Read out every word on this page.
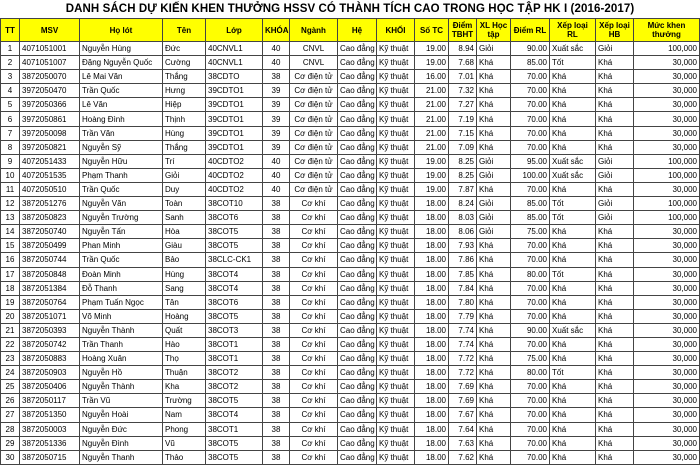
DANH SÁCH DỰ KIẾN KHEN THƯỞNG HSSV CÓ THÀNH TÍCH CAO TRONG HỌC TẬP HK I (2016-2017)
TT	MSV	Họ lót	Tên	Lớp	KHÓA	Ngành	Hệ	KHỐI	Số TC	Điểm TBHT	XL Học tập	Điểm RL	Xếp loại RL	Xếp loại HB	Mức khen thưởng
1	4071051001	Nguyễn Hùng	Đức	40CNVL1	40	CNVL	Cao đẳng	Kỹ thuật	19.00	8.94	Giỏi	90.00	Xuất sắc	Giỏi	100,000
2	4071051007	Đặng Nguyễn Quốc	Cường	40CNVL1	40	CNVL	Cao đẳng	Kỹ thuật	19.00	7.68	Khá	85.00	Tốt	Khá	30,000
3	3872050070	Lê Mai Văn	Thắng	38CDTO	38	Cơ điện tử	Cao đẳng	Kỹ thuật	16.00	7.01	Khá	70.00	Khá	Khá	30,000
4	3972050470	Trần Quốc	Hưng	39CDTO1	39	Cơ điện tử	Cao đẳng	Kỹ thuật	21.00	7.32	Khá	70.00	Khá	Khá	30,000
5	3972050366	Lê Văn	Hiệp	39CDTO1	39	Cơ điện tử	Cao đẳng	Kỹ thuật	21.00	7.27	Khá	70.00	Khá	Khá	30,000
6	3972050861	Hoàng Đình	Thịnh	39CDTO1	39	Cơ điện tử	Cao đẳng	Kỹ thuật	21.00	7.19	Khá	70.00	Khá	Khá	30,000
7	3972050098	Trần Văn	Hùng	39CDTO1	39	Cơ điện tử	Cao đẳng	Kỹ thuật	21.00	7.15	Khá	70.00	Khá	Khá	30,000
8	3972050821	Nguyễn Sỹ	Thắng	39CDTO1	39	Cơ điện tử	Cao đẳng	Kỹ thuật	21.00	7.09	Khá	70.00	Khá	Khá	30,000
9	4072051433	Nguyễn Hữu	Trí	40CDTO2	40	Cơ điện tử	Cao đẳng	Kỹ thuật	19.00	8.25	Giỏi	95.00	Xuất sắc	Giỏi	100,000
10	4072051535	Phạm Thanh	Giỏi	40CDTO2	40	Cơ điện tử	Cao đẳng	Kỹ thuật	19.00	8.25	Giỏi	100.00	Xuất sắc	Giỏi	100,000
11	4072050510	Trần Quốc	Duy	40CDTO2	40	Cơ điện tử	Cao đẳng	Kỹ thuật	19.00	7.87	Khá	70.00	Khá	Khá	30,000
12	3872051276	Nguyễn Văn	Toàn	38COT10	38	Cơ khí	Cao đẳng	Kỹ thuật	18.00	8.24	Giỏi	85.00	Tốt	Giỏi	100,000
13	3872050823	Nguyễn Trường	Sanh	38COT6	38	Cơ khí	Cao đẳng	Kỹ thuật	18.00	8.03	Giỏi	85.00	Tốt	Giỏi	100,000
14	3872050740	Nguyễn Tấn	Hòa	38COT5	38	Cơ khí	Cao đẳng	Kỹ thuật	18.00	8.06	Giỏi	75.00	Khá	Khá	30,000
15	3872050499	Phan Minh	Giàu	38COT5	38	Cơ khí	Cao đẳng	Kỹ thuật	18.00	7.93	Khá	70.00	Khá	Khá	30,000
16	3872050744	Trần Quốc	Bảo	38CLC-CK1	38	Cơ khí	Cao đẳng	Kỹ thuật	18.00	7.86	Khá	70.00	Khá	Khá	30,000
17	3872050848	Đoàn Minh	Hùng	38COT4	38	Cơ khí	Cao đẳng	Kỹ thuật	18.00	7.85	Khá	80.00	Tốt	Khá	30,000
18	3872051384	Đỗ Thanh	Sang	38COT4	38	Cơ khí	Cao đẳng	Kỹ thuật	18.00	7.84	Khá	70.00	Khá	Khá	30,000
19	3872050764	Phạm Tuấn Ngọc	Tân	38COT6	38	Cơ khí	Cao đẳng	Kỹ thuật	18.00	7.80	Khá	70.00	Khá	Khá	30,000
20	3872051071	Võ Minh	Hoàng	38COT5	38	Cơ khí	Cao đẳng	Kỹ thuật	18.00	7.79	Khá	70.00	Khá	Khá	30,000
21	3872050393	Nguyễn Thành	Quất	38COT3	38	Cơ khí	Cao đẳng	Kỹ thuật	18.00	7.74	Khá	90.00	Xuất sắc	Khá	30,000
22	3872050742	Trần Thanh	Hào	38COT1	38	Cơ khí	Cao đẳng	Kỹ thuật	18.00	7.74	Khá	70.00	Khá	Khá	30,000
23	3872050883	Hoàng Xuân	Thọ	38COT1	38	Cơ khí	Cao đẳng	Kỹ thuật	18.00	7.72	Khá	75.00	Khá	Khá	30,000
24	3872050903	Nguyễn Hồ	Thuận	38COT2	38	Cơ khí	Cao đẳng	Kỹ thuật	18.00	7.72	Khá	80.00	Tốt	Khá	30,000
25	3872050406	Nguyễn Thành	Kha	38COT2	38	Cơ khí	Cao đẳng	Kỹ thuật	18.00	7.69	Khá	70.00	Khá	Khá	30,000
26	3872050117	Trần Vũ	Trường	38COT5	38	Cơ khí	Cao đẳng	Kỹ thuật	18.00	7.69	Khá	70.00	Khá	Khá	30,000
27	3872051350	Nguyễn Hoài	Nam	38COT4	38	Cơ khí	Cao đẳng	Kỹ thuật	18.00	7.67	Khá	70.00	Khá	Khá	30,000
28	3872050003	Nguyễn Đức	Phong	38COT1	38	Cơ khí	Cao đẳng	Kỹ thuật	18.00	7.64	Khá	70.00	Khá	Khá	30,000
29	3872051336	Nguyễn Đình	Vũ	38COT5	38	Cơ khí	Cao đẳng	Kỹ thuật	18.00	7.63	Khá	70.00	Khá	Khá	30,000
30	3872050715	Nguyễn Thanh	Thảo	38COT5	38	Cơ khí	Cao đẳng	Kỹ thuật	18.00	7.62	Khá	70.00	Khá	Khá	30,000
